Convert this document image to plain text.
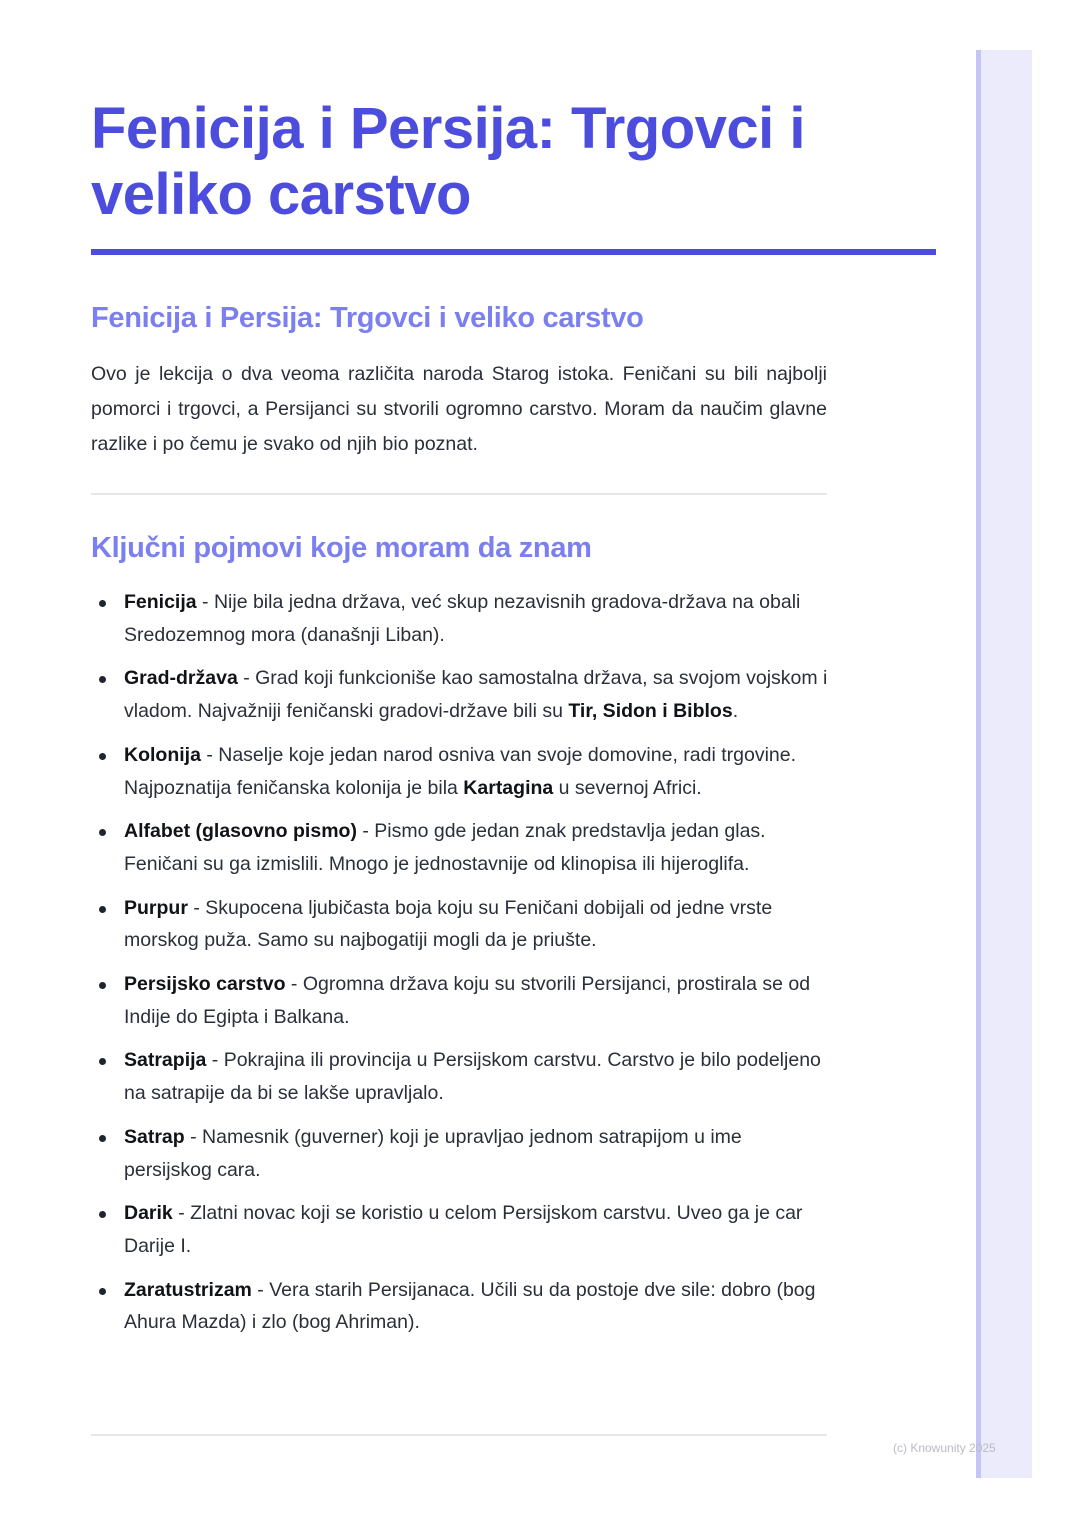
Fenicija i Persija: Trgovci i veliko carstvo
Fenicija i Persija: Trgovci i veliko carstvo

Ovo je lekcija o dva veoma različita naroda Starog istoka. Feničani su bili najbolji pomorci i trgovci, a Persijanci su stvorili ogromno carstvo. Moram da naučim glavne razlike i po čemu je svako od njih bio poznat.

Ključni pojmovi koje moram da znam
Fenicija - Nije bila jedna država, već skup nezavisnih gradova-država na obali Sredozemnog mora (današnji Liban).
Grad-država - Grad koji funkcioniše kao samostalna država, sa svojom vojskom i vladom. Najvažniji feničanski gradovi-države bili su Tir, Sidon i Biblos.
Kolonija - Naselje koje jedan narod osniva van svoje domovine, radi trgovine. Najpoznatija feničanska kolonija je bila Kartagina u severnoj Africi.
Alfabet (glasovno pismo) - Pismo gde jedan znak predstavlja jedan glas. Feničani su ga izmislili. Mnogo je jednostavnije od klinopisa ili hijeroglifa.
Purpur - Skupocena ljubičasta boja koju su Feničani dobijali od jedne vrste morskog puža. Samo su najbogatiji mogli da je priušte.
Persijsko carstvo - Ogromna država koju su stvorili Persijanci, prostirala se od Indije do Egipta i Balkana.
Satrapija - Pokrajina ili provincija u Persijskom carstvu. Carstvo je bilo podeljeno na satrapije da bi se lakše upravljalo.
Satrap - Namesnik (guverner) koji je upravljao jednom satrapijom u ime persijskog cara.
Darik - Zlatni novac koji se koristio u celom Persijskom carstvu. Uveo ga je car Darije I.
Zaratustrizam - Vera starih Persijanaca. Učili su da postoje dve sile: dobro (bog Ahura Mazda) i zlo (bog Ahriman).
(c) Knowunity 2025
